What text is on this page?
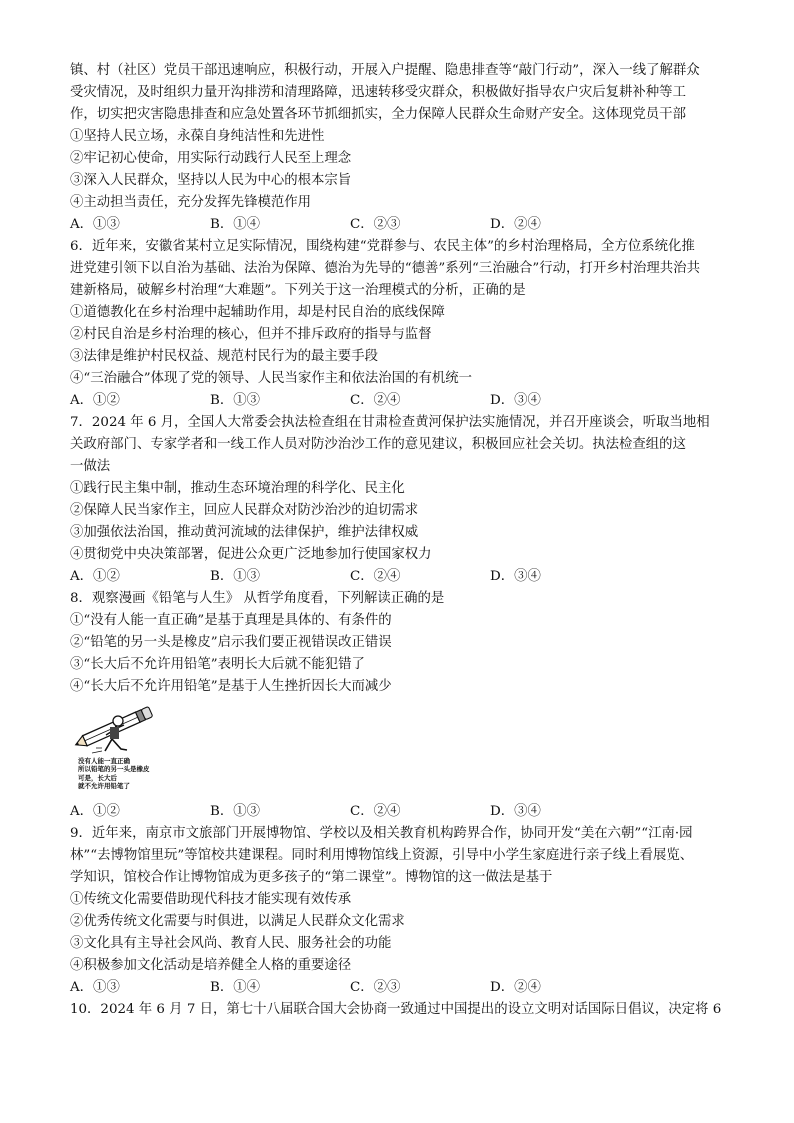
镇、村（社区）党员干部迅速响应，积极行动，开展入户提醒、隐患排查等“敲门行动”，深入一线了解群众
受灾情况，及时组织力量开沟排涝和清理路障，迅速转移受灾群众，积极做好指导农户灾后复耕补种等工
作，切实把灾害隐患排查和应急处置各环节抓细抓实，全力保障人民群众生命财产安全。这体现党员干部
①坚持人民立场，永葆自身纯洁性和先进性
②牢记初心使命，用实际行动践行人民至上理念
③深入人民群众，坚持以人民为中心的根本宗旨
④主动担当责任，充分发挥先锋模范作用
A．①③	B．①④	C．②③	D．②④
6．近年来，安徽省某村立足实际情况，围绕构建“党群参与、农民主体”的乡村治理格局，全方位系统化推
进党建引领下以自治为基础、法治为保障、德治为先导的“德善”系列“三治融合”行动，打开乡村治理共治共
建新格局，破解乡村治理“大难题”。下列关于这一治理模式的分析，正确的是
①道德教化在乡村治理中起辅助作用，却是村民自治的底线保障
②村民自治是乡村治理的核心，但并不排斥政府的指导与监督
③法律是维护村民权益、规范村民行为的最主要手段
④“三治融合”体现了党的领导、人民当家作主和依法治国的有机统一
A．①②	B．①③	C．②④	D．③④
7．2024 年 6 月，全国人大常委会执法检查组在甘肃检查黄河保护法实施情况，并召开座谈会，听取当地相
关政府部门、专家学者和一线工作人员对防沙治沙工作的意见建议，积极回应社会关切。执法检查组的这
一做法
①践行民主集中制，推动生态环境治理的科学化、民主化
②保障人民当家作主，回应人民群众对防沙治沙的迫切需求
③加强依法治国，推动黄河流域的法律保护，维护法律权威
④贯彻党中央决策部署，促进公众更广泛地参加行使国家权力
A．①②	B．①③	C．②④	D．③④
8．观察漫画《铅笔与人生》 从哲学角度看，下列解读正确的是
①“没有人能一直正确”是基于真理是具体的、有条件的
②“铅笔的另一头是橡皮”启示我们要正视错误改正错误
③“长大后不允许用铅笔”表明长大后就不能犯错了
④“长大后不允许用铅笔”是基于人生挫折因长大而减少
没有人能一直正确
所以铅笔的另一头是橡皮
可是，长大后
就不允许用铅笔了
A．①②	B．①③	C．②④	D．③④
9．近年来，南京市文旅部门开展博物馆、学校以及相关教育机构跨界合作，协同开发“美在六朝”“江南·园
林”“去博物馆里玩”等馆校共建课程。同时利用博物馆线上资源，引导中小学生家庭进行亲子线上看展览、
学知识，馆校合作让博物馆成为更多孩子的“第二课堂”。博物馆的这一做法是基于
①传统文化需要借助现代科技才能实现有效传承
②优秀传统文化需要与时俱进，以满足人民群众文化需求
③文化具有主导社会风尚、教育人民、服务社会的功能
④积极参加文化活动是培养健全人格的重要途径
A．①③	B．①④	C．②③	D．②④
10．2024 年 6 月 7 日，第七十八届联合国大会协商一致通过中国提出的设立文明对话国际日倡议，决定将 6
